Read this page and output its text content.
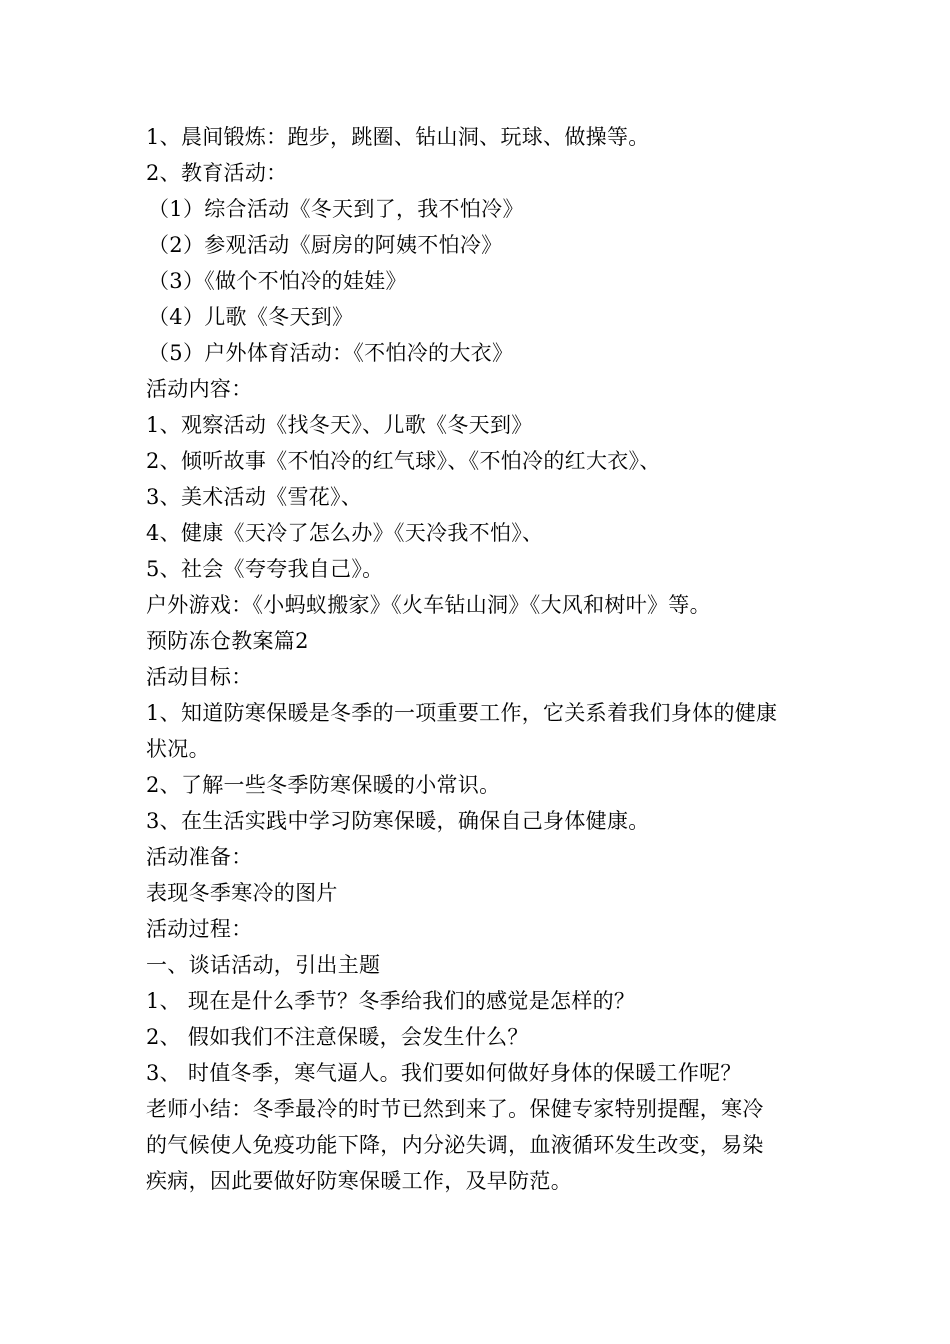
1、晨间锻炼：跑步，跳圈、钻山洞、玩球、做操等。
2、教育活动：
（1）综合活动《冬天到了，我不怕冷》
（2）参观活动《厨房的阿姨不怕冷》
（3）《做个不怕冷的娃娃》
（4）儿歌《冬天到》
（5）户外体育活动：《不怕冷的大衣》
活动内容：
1、观察活动《找冬天》、儿歌《冬天到》
2、倾听故事《不怕冷的红气球》、《不怕冷的红大衣》、
3、美术活动《雪花》、
4、健康《天冷了怎么办》《天冷我不怕》、
5、社会《夸夸我自己》。
户外游戏：《小蚂蚁搬家》《火车钻山洞》《大风和树叶》等。
预防冻仓教案篇2
活动目标：
1、知道防寒保暖是冬季的一项重要工作，它关系着我们身体的健康
状况。
2、了解一些冬季防寒保暖的小常识。
3、在生活实践中学习防寒保暖，确保自己身体健康。
活动准备：
表现冬季寒冷的图片
活动过程：
一、谈话活动，引出主题
1、 现在是什么季节？冬季给我们的感觉是怎样的？
2、 假如我们不注意保暖，会发生什么？
3、 时值冬季，寒气逼人。我们要如何做好身体的保暖工作呢？
老师小结：冬季最冷的时节已然到来了。保健专家特别提醒，寒冷
的气候使人免疫功能下降，内分泌失调，血液循环发生改变，易染
疾病，因此要做好防寒保暖工作，及早防范。
